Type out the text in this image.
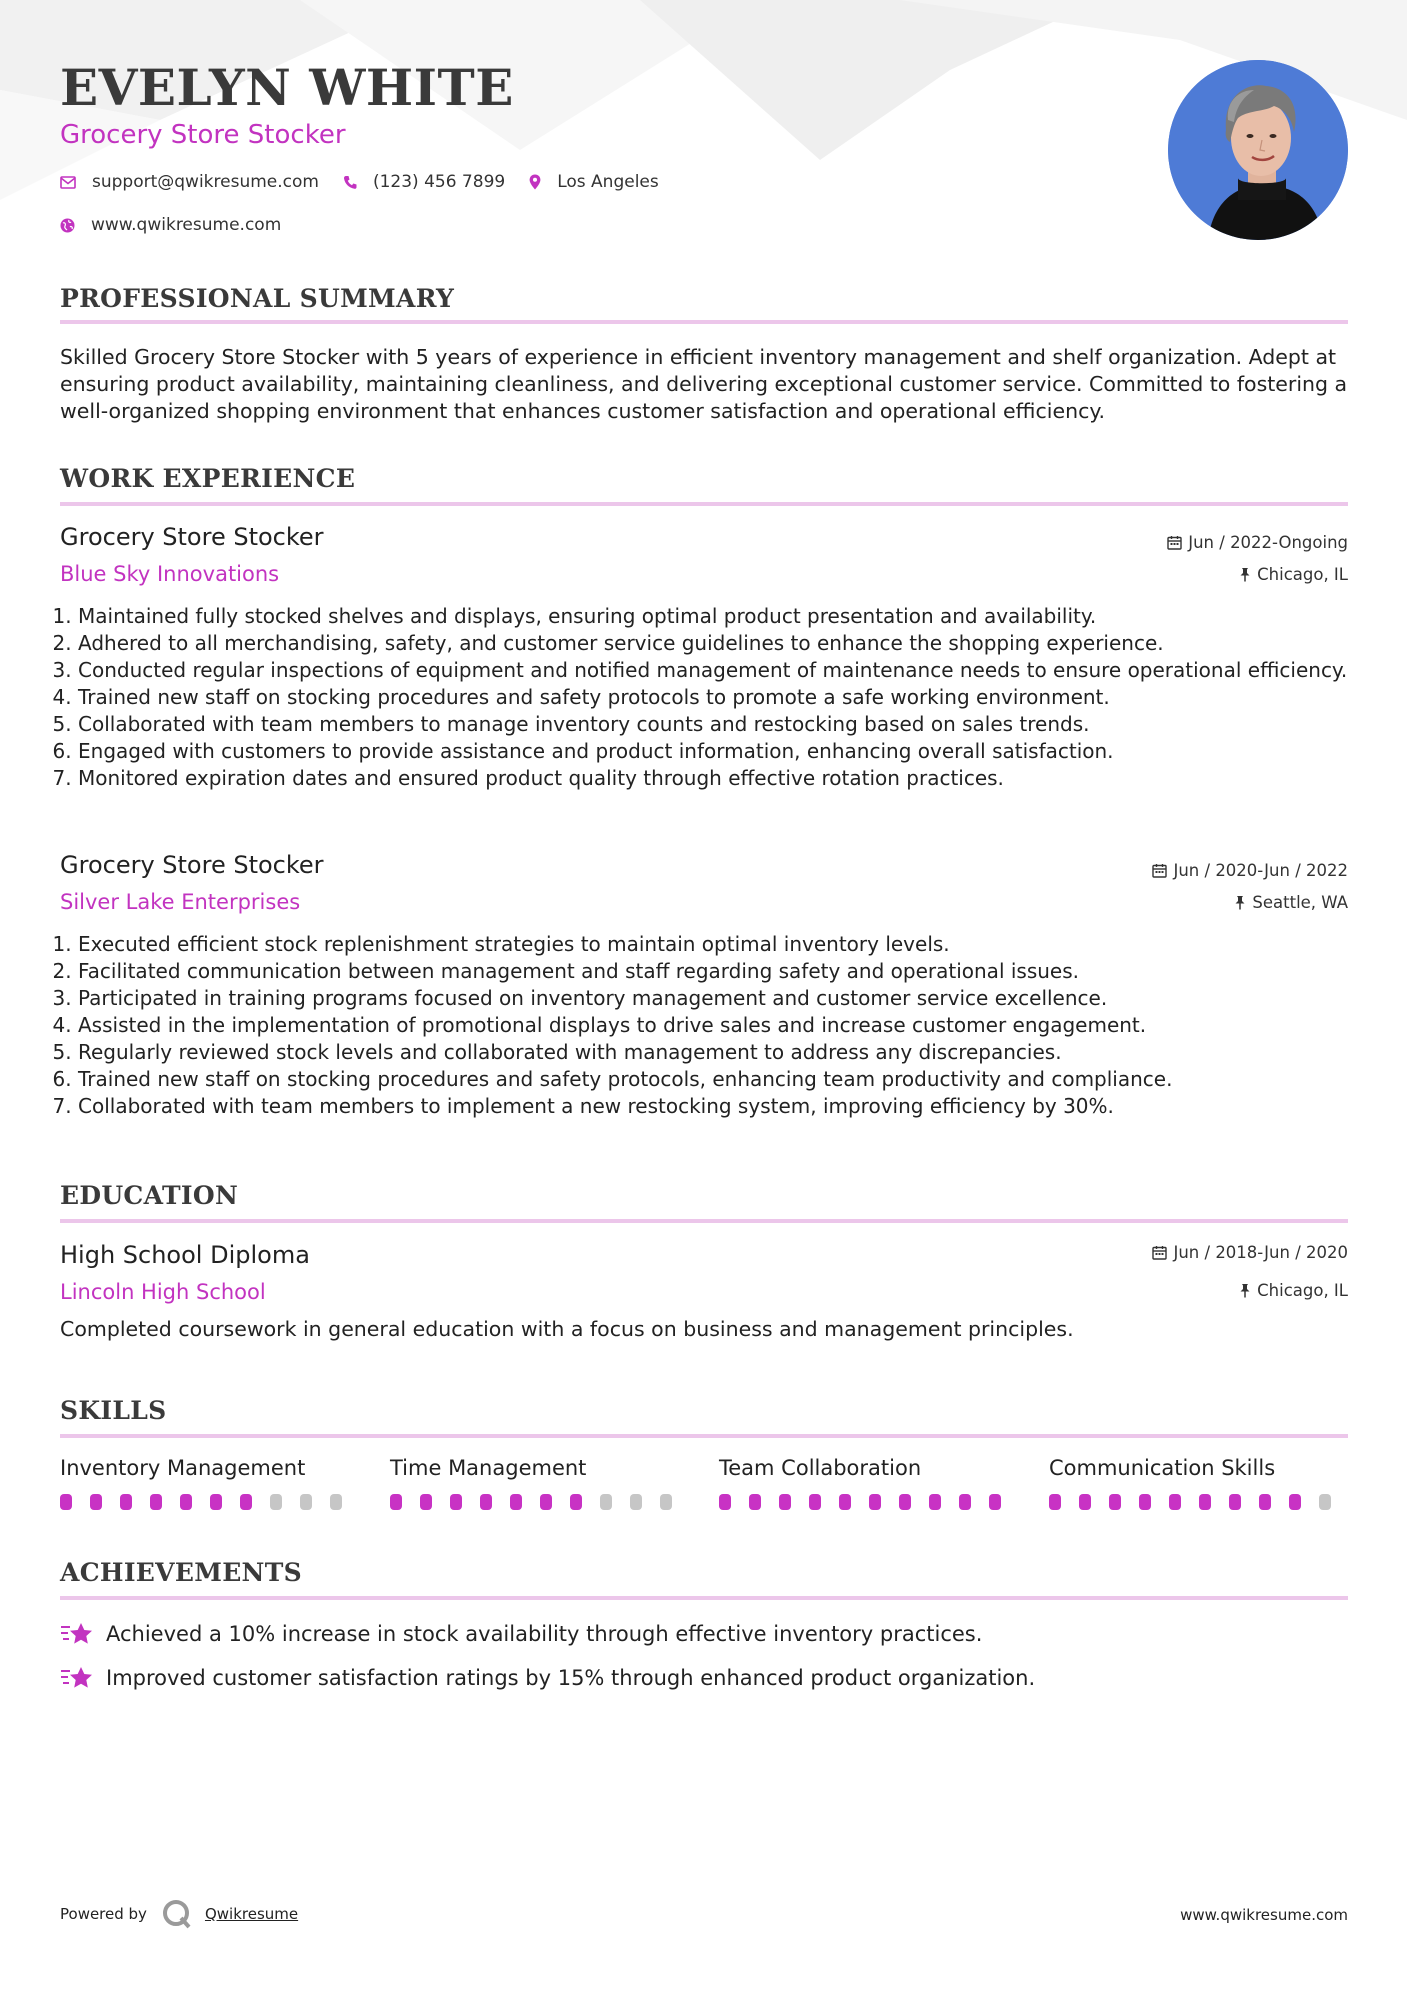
EVELYN WHITE
Grocery Store Stocker
support@qwikresume.com	(123) 456 7899	Los Angeles
www.qwikresume.com
PROFESSIONAL SUMMARY

Skilled Grocery Store Stocker with 5 years of experience in efficient inventory management and shelf organization. Adept at ensuring product availability, maintaining cleanliness, and delivering exceptional customer service. Committed to fostering a well-organized shopping environment that enhances customer satisfaction and operational efficiency.

WORK EXPERIENCE
Grocery Store Stocker
Blue Sky Innovations
Jun / 2022-Ongoing
Chicago, IL
1. Maintained fully stocked shelves and displays, ensuring optimal product presentation and availability.
2. Adhered to all merchandising, safety, and customer service guidelines to enhance the shopping experience.
3. Conducted regular inspections of equipment and notified management of maintenance needs to ensure operational efficiency.
4. Trained new staff on stocking procedures and safety protocols to promote a safe working environment.
5. Collaborated with team members to manage inventory counts and restocking based on sales trends.
6. Engaged with customers to provide assistance and product information, enhancing overall satisfaction.
7. Monitored expiration dates and ensured product quality through effective rotation practices.
Grocery Store Stocker
Silver Lake Enterprises
Jun / 2020-Jun / 2022
Seattle, WA
1. Executed efficient stock replenishment strategies to maintain optimal inventory levels.
2. Facilitated communication between management and staff regarding safety and operational issues.
3. Participated in training programs focused on inventory management and customer service excellence.
4. Assisted in the implementation of promotional displays to drive sales and increase customer engagement.
5. Regularly reviewed stock levels and collaborated with management to address any discrepancies.
6. Trained new staff on stocking procedures and safety protocols, enhancing team productivity and compliance.
7. Collaborated with team members to implement a new restocking system, improving efficiency by 30%.
EDUCATION
High School Diploma
Lincoln High School
Jun / 2018-Jun / 2020
Chicago, IL

Completed coursework in general education with a focus on business and management principles.

SKILLS
Inventory Management	Time Management	Team Collaboration	Communication Skills
ACHIEVEMENTS
Achieved a 10% increase in stock availability through effective inventory practices.
Improved customer satisfaction ratings by 15% through enhanced product organization.
Powered by	Qwikresume	www.qwikresume.com
